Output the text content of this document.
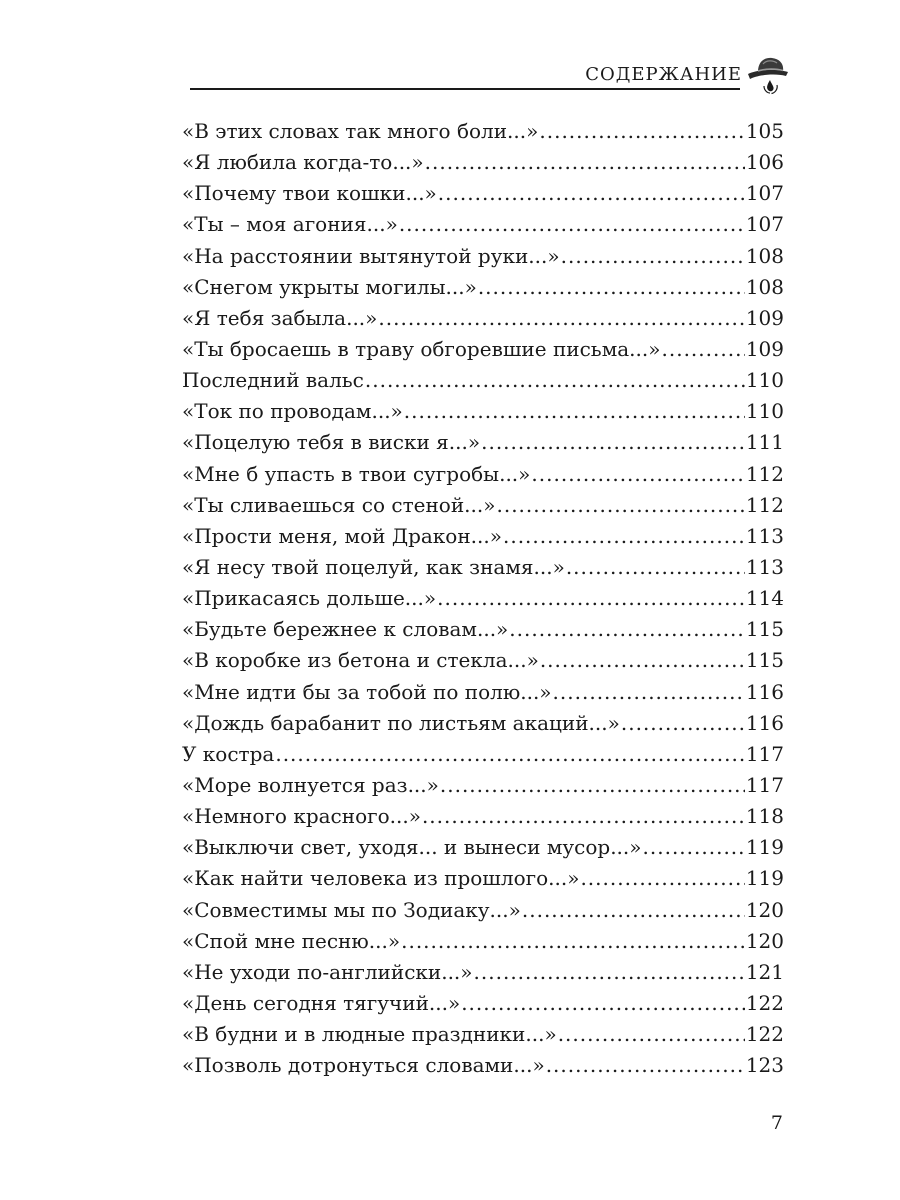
СОДЕРЖАНИЕ
«В этих словах так много боли...» .....	105
«Я любила когда-то...» .....	106
«Почему твои кошки...» .....	107
«Ты – моя агония...» .....	107
«На расстоянии вытянутой руки...» .....	108
«Снегом укрыты могилы...» .....	108
«Я тебя забыла...» .....	109
«Ты бросаешь в траву обгоревшие письма...» .....	109
Последний вальс .....	110
«Ток по проводам...» .....	110
«Поцелую тебя в виски я...» .....	111
«Мне б упасть в твои сугробы...» .....	112
«Ты сливаешься со стеной...» .....	112
«Прости меня, мой Дракон...» .....	113
«Я несу твой поцелуй, как знамя...» .....	113
«Прикасаясь дольше...» .....	114
«Будьте бережнее к словам...» .....	115
«В коробке из бетона и стекла...» .....	115
«Мне идти бы за тобой по полю...» .....	116
«Дождь барабанит по листьям акаций...» .....	116
У костра .....	117
«Море волнуется раз...» .....	117
«Немного красного...» .....	118
«Выключи свет, уходя... и вынеси мусор...» .....	119
«Как найти человека из прошлого...» .....	119
«Совместимы мы по Зодиаку...» .....	120
«Спой мне песню...» .....	120
«Не уходи по-английски...» .....	121
«День сегодня тягучий...» .....	122
«В будни и в людные праздники...» .....	122
«Позволь дотронуться словами...» .....	123
7
